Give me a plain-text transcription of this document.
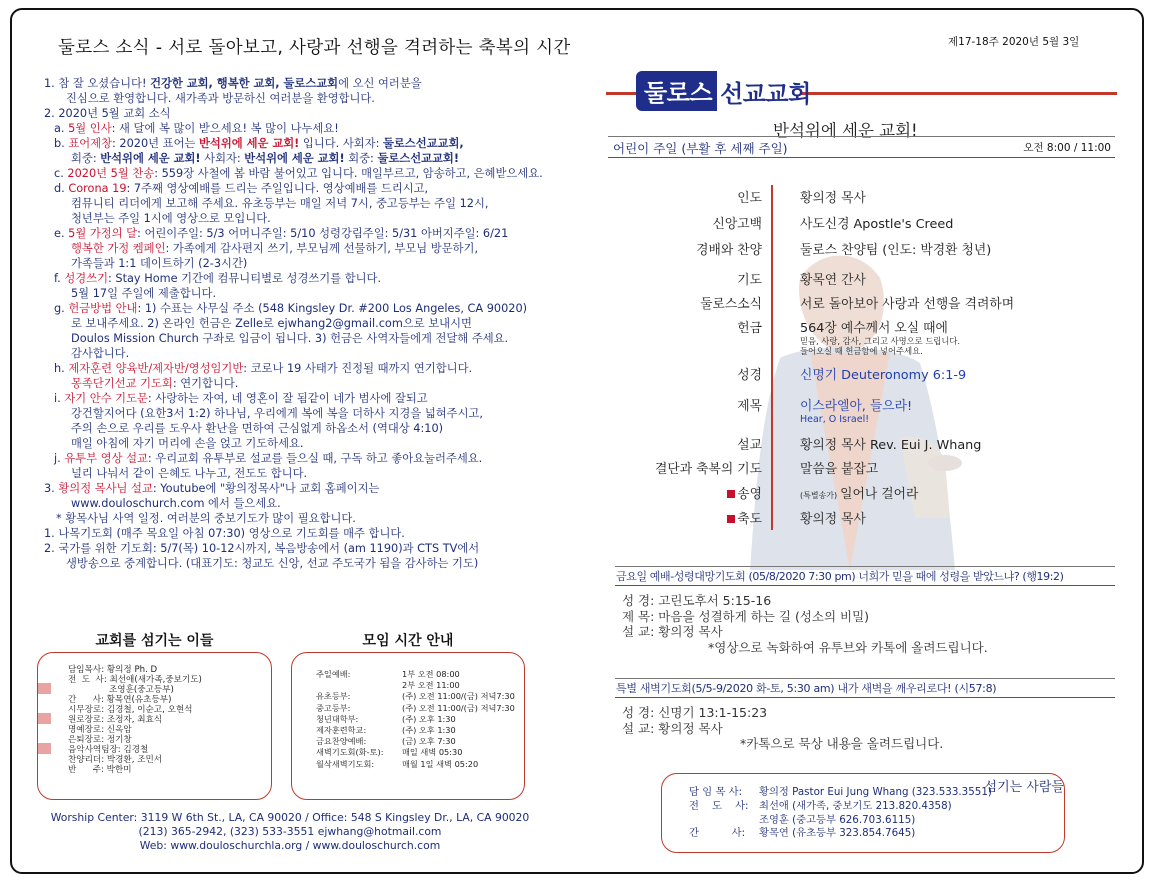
둘로스 소식 - 서로 돌아보고, 사랑과 선행을 격려하는 축복의 시간
1. 참 잘 오셨습니다! 건강한 교회, 행복한 교회, 둘로스교회에 오신 여러분을
진심으로 환영합니다. 새가족과 방문하신 여러분을 환영합니다.
2. 2020년 5월 교회 소식
a. 5월 인사: 새 달에 복 많이 받으세요! 복 많이 나누세요!
b. 표어제창: 2020년 표어는 반석위에 세운 교회! 입니다. 사회자: 둘로스선교교회,
회중: 반석위에 세운 교회! 사회자: 반석위에 세운 교회! 회중: 둘로스선교교회!
c. 2020년 5월 찬송: 559장 사철에 봄 바람 불어있고 입니다. 매일부르고, 암송하고, 은혜받으세요.
d. Corona 19: 7주째 영상예배를 드리는 주일입니다. 영상예배를 드리시고,
컴뮤니티 리더에게 보고해 주세요. 유초등부는 매일 저녁 7시, 중고등부는 주일 12시,
청년부는 주일 1시에 영상으로 모입니다.
e. 5월 가정의 달: 어린이주일: 5/3 어머니주일: 5/10 성령강림주일: 5/31 아버지주일: 6/21
행복한 가정 켐페인: 가족에게 감사편지 쓰기, 부모님께 선물하기, 부모님 방문하기,
가족들과 1:1 데이트하기 (2-3시간)
f. 성경쓰기: Stay Home 기간에 컴뮤니티별로 성경쓰기를 합니다.
5월 17일 주일에 제출합니다.
g. 헌금방법 안내: 1) 수표는 사무실 주소 (548 Kingsley Dr. #200 Los Angeles, CA 90020)
로 보내주세요. 2) 온라인 헌금은 Zelle로 ejwhang2@gmail.com으로 보내시면
Doulos Mission Church 구좌로 입금이 됩니다. 3) 헌금은 사역자들에게 전달해 주세요.
감사합니다.
h. 제자훈련 양육반/제자반/영성임기반: 코로나 19 사태가 진정될 때까지 연기합니다.
몽족단기선교 기도회: 연기합니다.
i. 자기 안수 기도문: 사랑하는 자여, 네 영혼이 잘 됨같이 네가 범사에 잘되고
강건할지어다 (요한3서 1:2) 하나님, 우리에게 복에 복을 더하사 지경을 넓혀주시고,
주의 손으로 우리를 도우사 환난을 면하여 근심없게 하옵소서 (역대상 4:10)
매일 아침에 자기 머리에 손을 얹고 기도하세요.
j. 유투부 영상 설교: 우리교회 유투부로 설교를 들으실 때, 구독 하고 좋아요눌러주세요.
널리 나눠서 같이 은혜도 나누고, 전도도 합니다.
3. 황의정 목사님 설교: Youtube에 "황의정목사"나 교회 홈페이지는
www.douloschurch.com 에서 들으세요.
* 황목사님 사역 일정. 여러분의 중보기도가 많이 필요합니다.
1. 나목기도회 (매주 목요일 아침 07:30) 영상으로 기도회를 매주 합니다.
2. 국가를 위한 기도회: 5/7(목) 10-12시까지, 복음방송에서 (am 1190)과 CTS TV에서
생방송으로 중계합니다. (대표기도: 청교도 신앙, 선교 주도국가 됨을 감사하는 기도)
교회를 섬기는 이들
담임목사: 황의정 Ph. D
전  도  사: 최선애(새가족,중보기도)
조영훈(중고등부)
간      사: 황목연(유초등부)
시무장로: 김경철, 이순고, 오현석
원로장로: 조정자, 최효식
명예장로: 신옥암
은퇴장로: 정기창
음악사역팀장: 김경철
찬양리더: 박경환, 조민서
반      주: 박한미
모임 시간 안내
주일예배:	1부 오전 08:00
2부 오전 11:00
유초등부:	(주) 오전 11:00/(금) 저녁7:30
중고등부:	(주) 오전 11:00/(금) 저녁7:30
청년대학부:	(주) 오후 1:30
제자훈련학교:	(주) 오후 1:30
금요찬양예배:	(금) 오후 7:30
새벽기도회(화-토):	매일 새벽 05:30
월삭새벽기도회:	매월 1일 새벽 05:20
Worship Center: 3119 W 6th St., LA, CA 90020 / Office: 548 S Kingsley Dr., LA, CA 90020
(213) 365-2942, (323) 533-3551 ejwhang@hotmail.com
Web: www.douloschurchla.org / www.douloschurch.com
제17-18주 2020년 5월 3일
둘로스 선교교회
반석위에 세운 교회!
어린이 주일 (부활 후 세째 주일)	오전 8:00 / 11:00
인도	황의정 목사
신앙고백	사도신경 Apostle's Creed
경배와 찬양	둘로스 찬양팀 (인도: 박경환 청년)
기도	황목연 간사
둘로스소식	서로 돌아보아 사랑과 선행을 격려하며
헌금	564장 예수께서 오실 때에
믿음, 사랑, 감사, 그리고 사명으로 드립니다.
들어오실 때 헌금함에 넣어주세요.
성경	신명기 Deuteronomy 6:1-9
제목	이스라엘아, 들으라!
Hear, O Israel!
설교	황의정 목사 Rev. Eui J. Whang
결단과 축복의 기도	말씀을 붙잡고
송영	(특별송가) 일어나 걸어라
축도	황의정 목사
금요일 예배-성령대망기도회 (05/8/2020 7:30 pm) 너희가 믿을 때에 성령을 받았느냐? (행19:2)
성 경: 고린도후서 5:15-16
제 목: 마음을 성결하게 하는 길 (성소의 비밀)
설 교: 황의정 목사
*영상으로 녹화하여 유투브와 카톡에 올려드립니다.
특별 새벽기도회(5/5-9/2020 화-토, 5:30 am) 내가 새벽을 깨우리로다! (시57:8)
성 경: 신명기 13:1-15:23
설 교: 황의정 목사
*카톡으로 묵상 내용을 올려드립니다.
섬기는 사람들
담 임 목 사:	황의정 Pastor Eui Jung Whang (323.533.3551)
전    도    사:	최선애 (새가족, 중보기도 213.820.4358)
조영훈 (중고등부 626.703.6115)
간          사:	황목연 (유초등부 323.854.7645)
